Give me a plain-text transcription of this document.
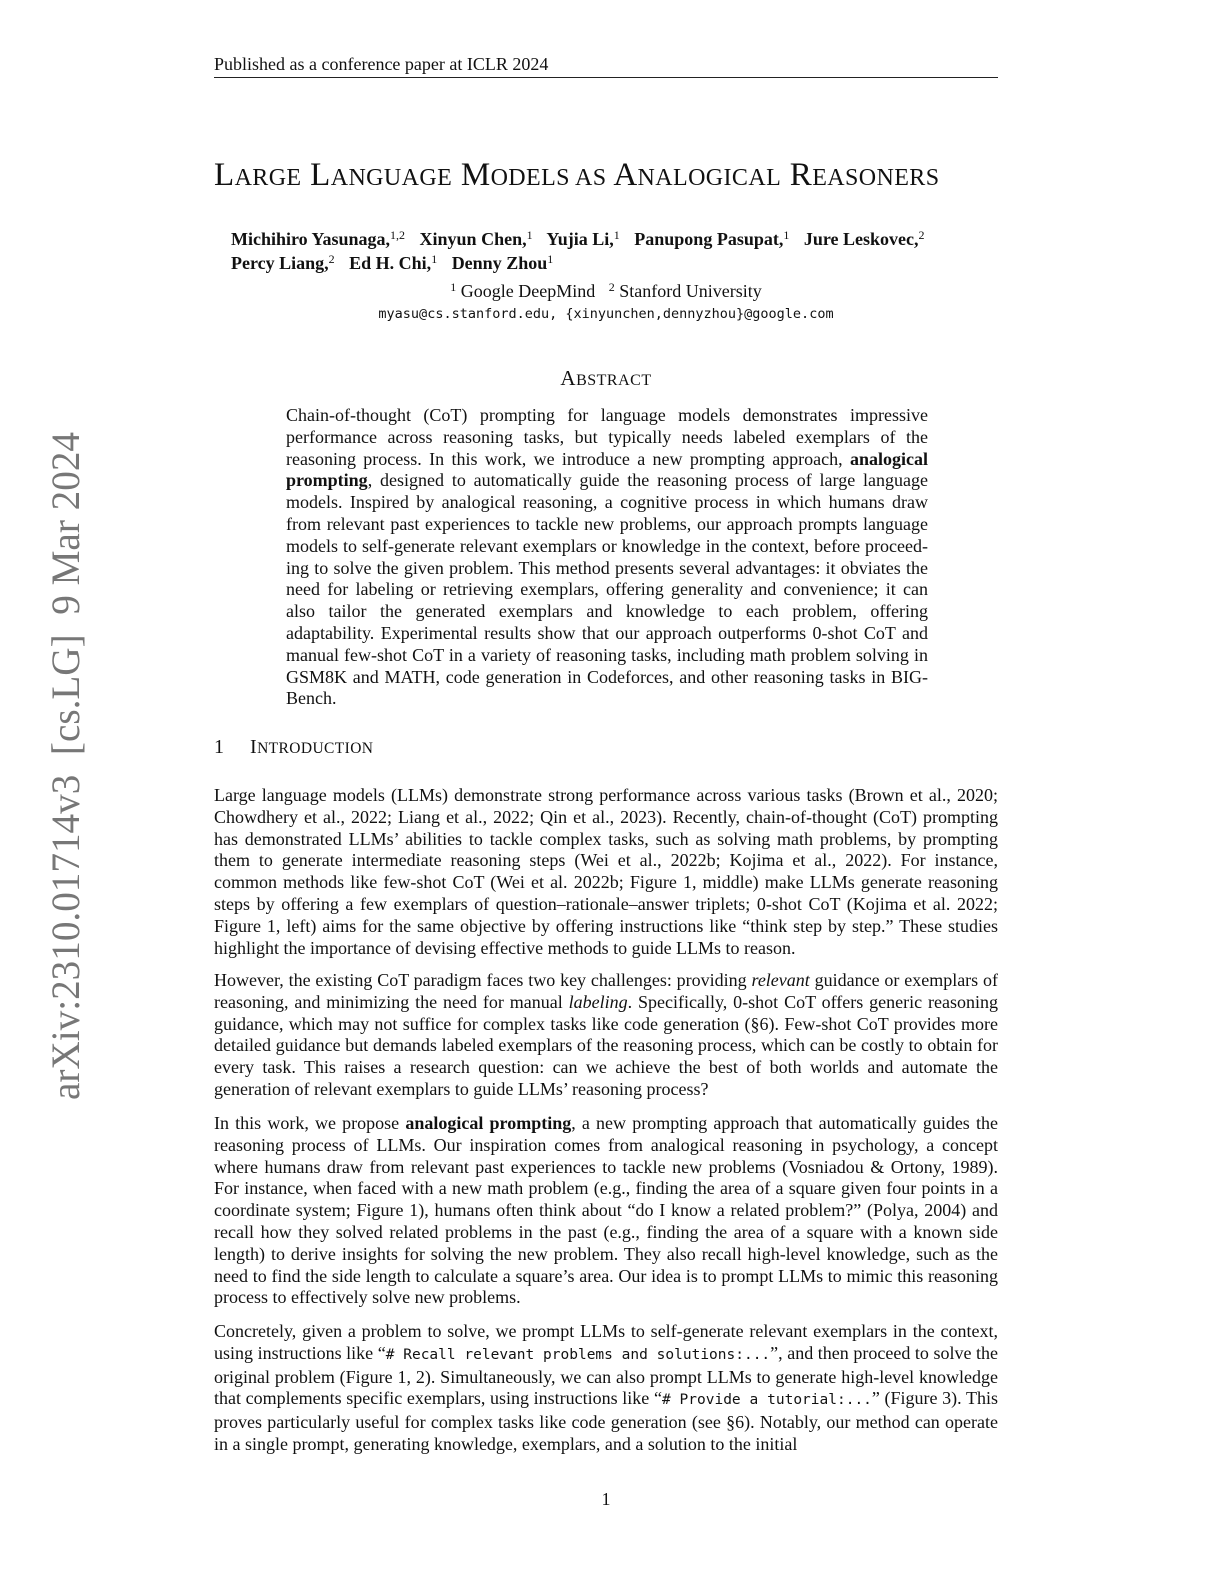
Published as a conference paper at ICLR 2024
arXiv:2310.01714v3  [cs.LG]  9 Mar 2024
LARGE LANGUAGE MODELS AS ANALOGICAL REASONERS
Michihiro Yasunaga,$^{1,2}$ Xinyun Chen,$^1$ Yujia Li,$^1$ Panupong Pasupat,$^1$ Jure Leskovec,$^2$
Percy Liang,$^2$ Ed H. Chi,$^1$ Denny Zhou$^1$
$^1$ Google DeepMind $^2$ Stanford University
myasu@cs.stanford.edu, {xinyunchen,dennyzhou}@google.com
ABSTRACT

Chain-of-thought (CoT) prompting for language models demonstrates impressive performance across reasoning tasks, but typically needs labeled exemplars of the reasoning process. In this work, we introduce a new prompting approach, analogical prompting, designed to automatically guide the reasoning process of large language models. Inspired by analogical reasoning, a cognitive process in which humans draw from relevant past experiences to tackle new problems, our approach prompts language models to self-generate relevant exemplars or knowledge in the context, before proceed-ing to solve the given problem. This method presents several advantages: it obviates the need for labeling or retrieving exemplars, offering generality and convenience; it can also tailor the generated exemplars and knowledge to each problem, offering adaptability. Experimental results show that our approach outperforms 0-shot CoT and manual few-shot CoT in a variety of reasoning tasks, including math problem solving in GSM8K and MATH, code generation in Codeforces, and other reasoning tasks in BIG-Bench.

1 INTRODUCTION

Large language models (LLMs) demonstrate strong performance across various tasks (Brown et al., 2020; Chowdhery et al., 2022; Liang et al., 2022; Qin et al., 2023). Recently, chain-of-thought (CoT) prompting has demonstrated LLMs’ abilities to tackle complex tasks, such as solving math problems, by prompting them to generate intermediate reasoning steps (Wei et al., 2022b; Kojima et al., 2022). For instance, common methods like few-shot CoT (Wei et al. 2022b; Figure 1, middle) make LLMs generate reasoning steps by offering a few exemplars of question–rationale–answer triplets; 0-shot CoT (Kojima et al. 2022; Figure 1, left) aims for the same objective by offering instructions like “think step by step.” These studies highlight the importance of devising effective methods to guide LLMs to reason.

However, the existing CoT paradigm faces two key challenges: providing relevant guidance or exemplars of reasoning, and minimizing the need for manual labeling. Specifically, 0-shot CoT offers generic reasoning guidance, which may not suffice for complex tasks like code generation (§6). Few-shot CoT provides more detailed guidance but demands labeled exemplars of the reasoning process, which can be costly to obtain for every task. This raises a research question: can we achieve the best of both worlds and automate the generation of relevant exemplars to guide LLMs’ reasoning process?

In this work, we propose analogical prompting, a new prompting approach that automatically guides the reasoning process of LLMs. Our inspiration comes from analogical reasoning in psychology, a concept where humans draw from relevant past experiences to tackle new problems (Vosniadou & Ortony, 1989). For instance, when faced with a new math problem (e.g., finding the area of a square given four points in a coordinate system; Figure 1), humans often think about “do I know a related problem?” (Polya, 2004) and recall how they solved related problems in the past (e.g., finding the area of a square with a known side length) to derive insights for solving the new problem. They also recall high-level knowledge, such as the need to find the side length to calculate a square’s area. Our idea is to prompt LLMs to mimic this reasoning process to effectively solve new problems.

Concretely, given a problem to solve, we prompt LLMs to self-generate relevant exemplars in the context, using instructions like “# Recall relevant problems and solutions:...”, and then proceed to solve the original problem (Figure 1, 2). Simultaneously, we can also prompt LLMs to generate high-level knowledge that complements specific exemplars, using instructions like “# Provide a tutorial:...” (Figure 3). This proves particularly useful for complex tasks like code generation (see §6). Notably, our method can operate in a single prompt, generating knowledge, exemplars, and a solution to the initial

1
